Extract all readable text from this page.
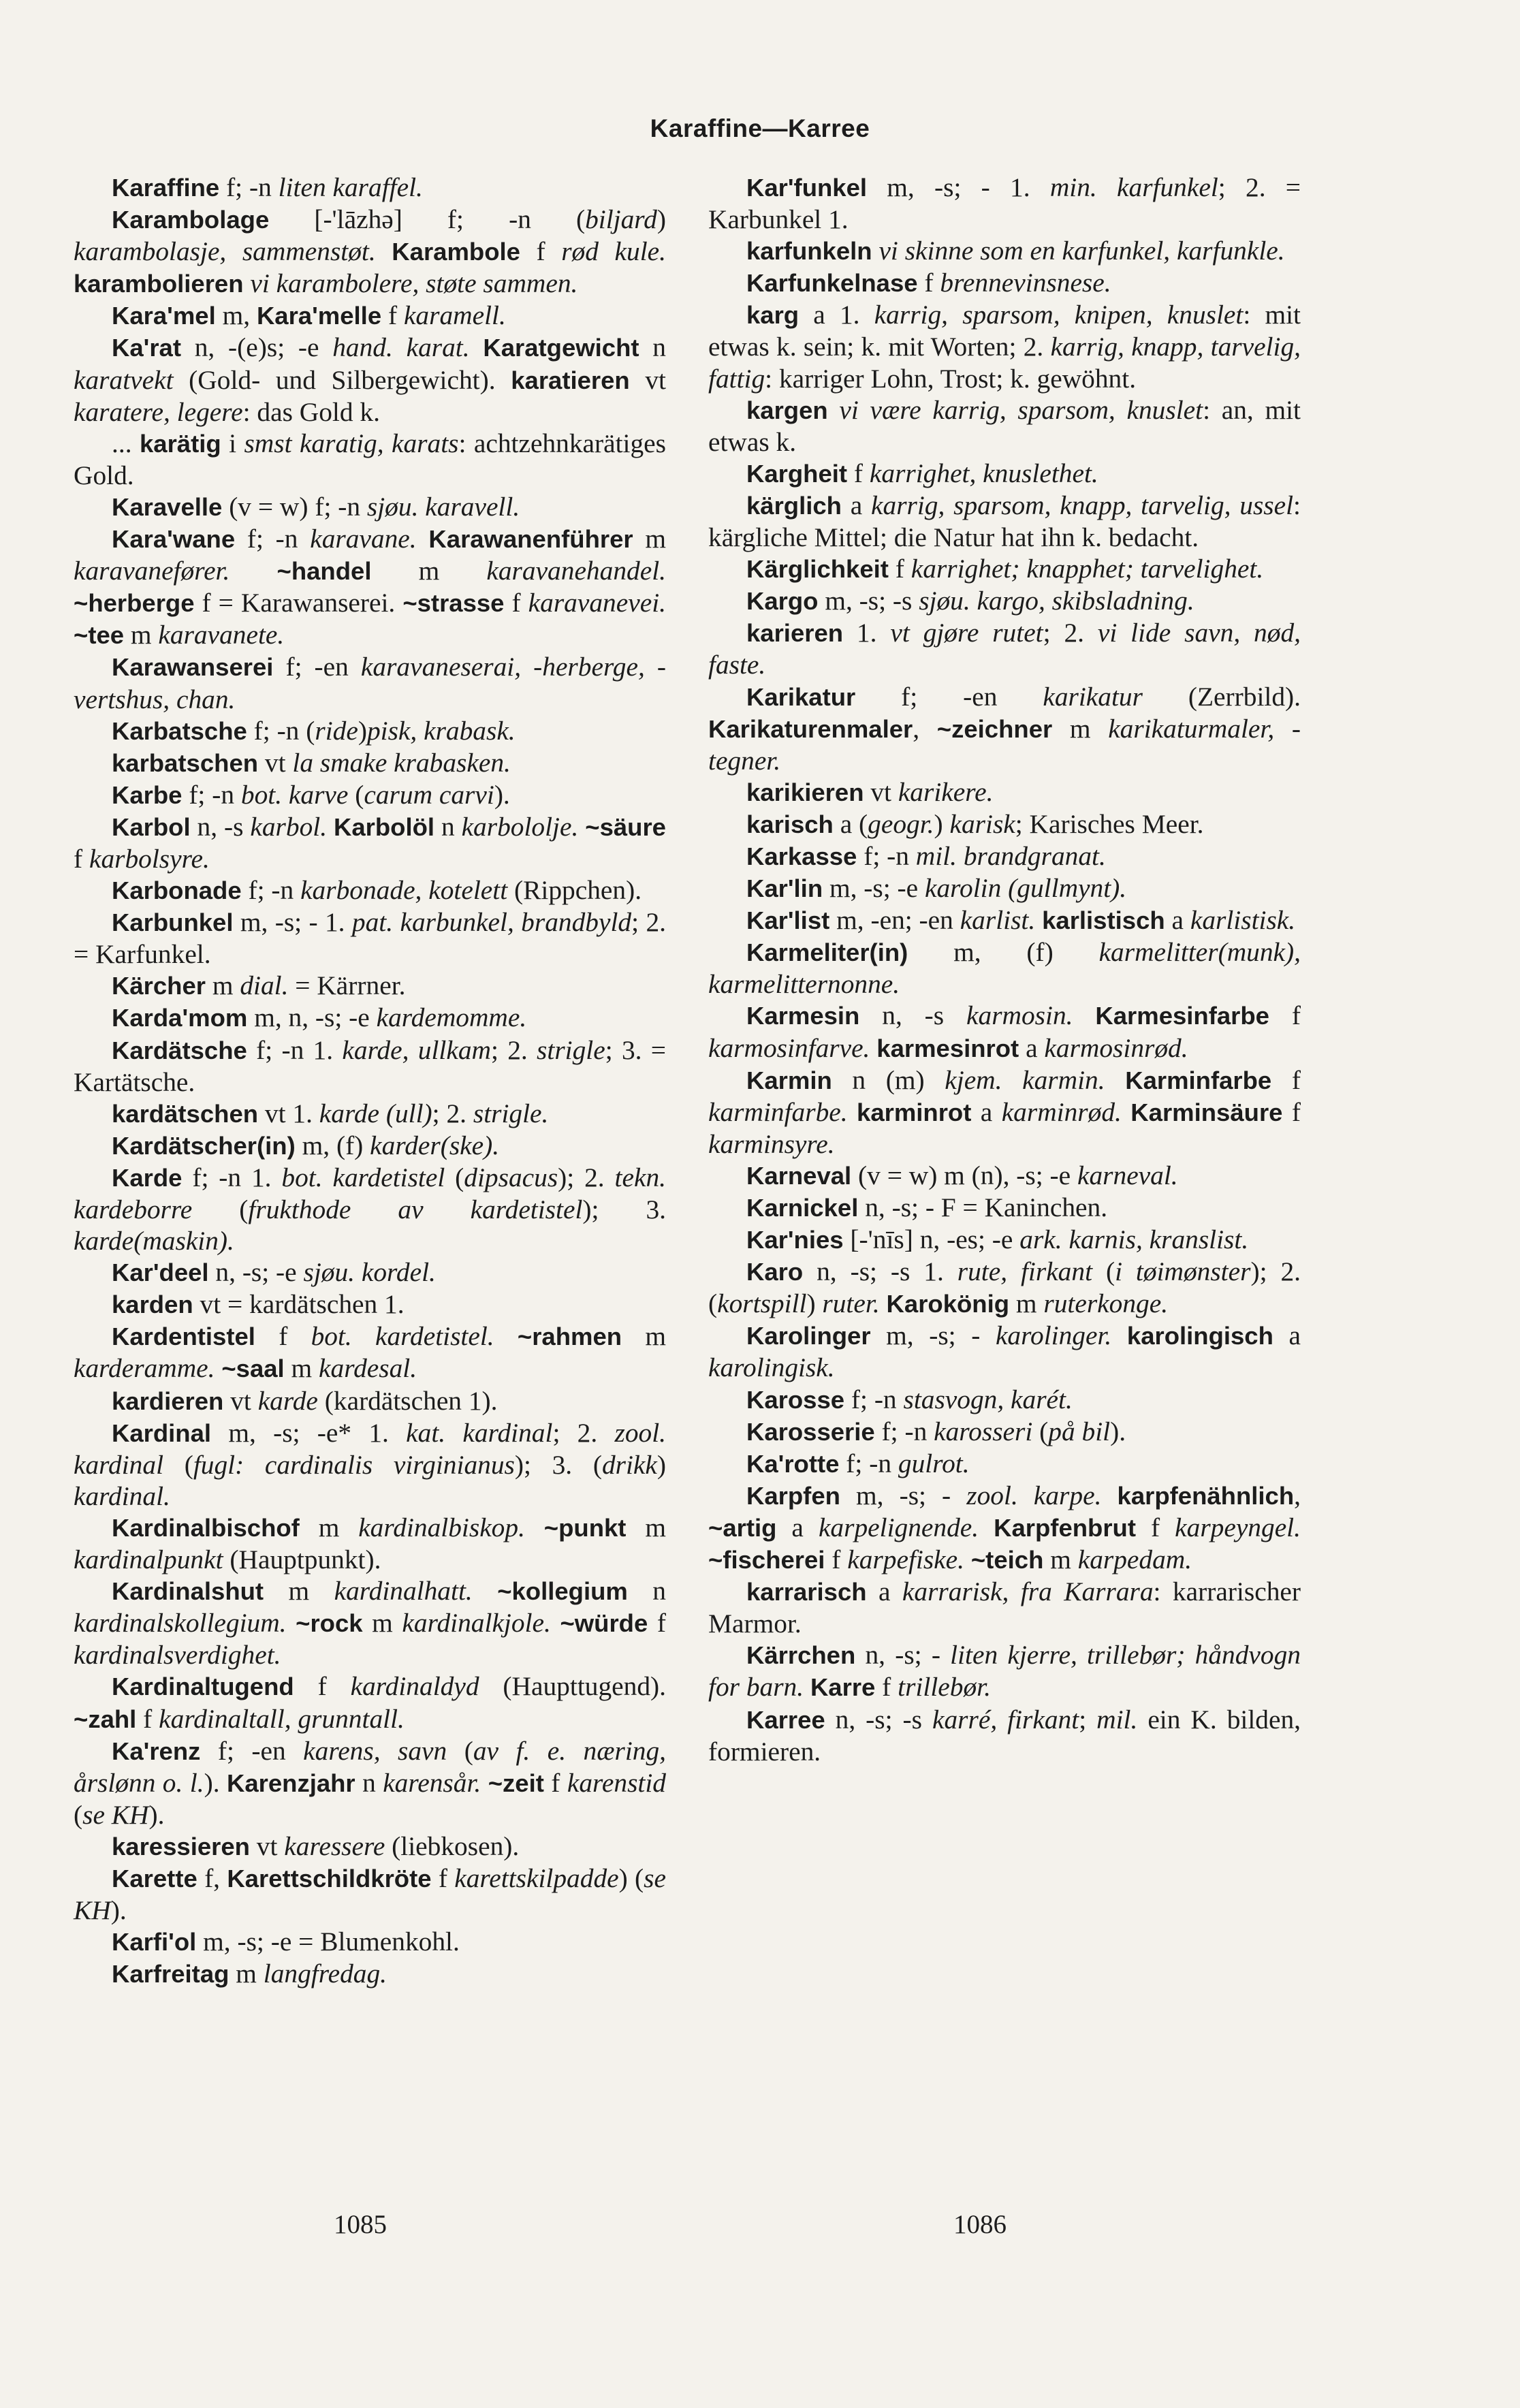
Karaffine—Karree
Karaffine f; -n liten karaffel.
Karambolage [-'lāzhə] f; -n (biljard) karambolasje, sammenstøt. Karambole f rød kule. karambolieren vi karambolere, støte sammen.
Kara'mel m, Kara'melle f karamell.
Ka'rat n, -(e)s; -e hand. karat. Karatgewicht n karatvekt (Gold- und Silbergewicht). karatieren vt karatere, legere: das Gold k.
... karätig i smst karatig, karats: achtzehnkarätiges Gold.
Karavelle (v = w) f; -n sjøu. karavell.
Kara'wane f; -n karavane. Karawanenführer m karavanefører. ~handel m karavanehandel. ~herberge f = Karawanserei. ~strasse f karavanevei. ~tee m karavanete.
Karawanserei f; -en karavaneserai, -herberge, -vertshus, chan.
Karbatsche f; -n (ride)pisk, krabask.
karbatschen vt la smake krabasken.
Karbe f; -n bot. karve (carum carvi).
Karbol n, -s karbol. Karbolöl n karbololje. ~säure f karbolsyre.
Karbonade f; -n karbonade, kotelett (Rippchen).
Karbunkel m, -s; - 1. pat. karbunkel, brandbyld; 2. = Karfunkel.
Kärcher m dial. = Kärrner.
Karda'mom m, n, -s; -e kardemomme.
Kardätsche f; -n 1. karde, ullkam; 2. strigle; 3. = Kartätsche.
kardätschen vt 1. karde (ull); 2. strigle.
Kardätscher(in) m, (f) karder(ske).
Karde f; -n 1. bot. kardetistel (dipsacus); 2. tekn. kardeborre (frukthode av kardetistel); 3. karde(maskin).
Kar'deel n, -s; -e sjøu. kordel.
karden vt = kardätschen 1.
Kardentistel f bot. kardetistel. ~rahmen m karderamme. ~saal m kardesal.
kardieren vt karde (kardätschen 1).
Kardinal m, -s; -e* 1. kat. kardinal; 2. zool. kardinal (fugl: cardinalis virginianus); 3. (drikk) kardinal.
Kardinalbischof m kardinalbiskop. ~punkt m kardinalpunkt (Hauptpunkt).
Kardinalshut m kardinalhatt. ~kollegium n kardinalskollegium. ~rock m kardinalkjole. ~würde f kardinalsverdighet.
Kardinaltugend f kardinaldyd (Haupttugend). ~zahl f kardinaltall, grunntall.
Ka'renz f; -en karens, savn (av f. e. næring, årslønn o. l.). Karenzjahr n karensår. ~zeit f karenstid (se KH).
karessieren vt karessere (liebkosen).
Karette f, Karettschildkröte f karettskilpadde) (se KH).
Karfi'ol m, -s; -e = Blumenkohl.
Karfreitag m langfredag.
Kar'funkel m, -s; - 1. min. karfunkel; 2. = Karbunkel 1.
karfunkeln vi skinne som en karfunkel, karfunkle.
Karfunkelnase f brennevinsnese.
karg a 1. karrig, sparsom, knipen, knuslet: mit etwas k. sein; k. mit Worten; 2. karrig, knapp, tarvelig, fattig: karriger Lohn, Trost; k. gewöhnt.
kargen vi være karrig, sparsom, knuslet: an, mit etwas k.
Kargheit f karrighet, knuslethet.
kärglich a karrig, sparsom, knapp, tarvelig, ussel: kärgliche Mittel; die Natur hat ihn k. bedacht.
Kärglichkeit f karrighet; knapphet; tarvelighet.
Kargo m, -s; -s sjøu. kargo, skibsladning.
karieren 1. vt gjøre rutet; 2. vi lide savn, nød, faste.
Karikatur f; -en karikatur (Zerrbild). Karikaturenmaler, ~zeichner m karikaturmaler, -tegner.
karikieren vt karikere.
karisch a (geogr.) karisk; Karisches Meer.
Karkasse f; -n mil. brandgranat.
Kar'lin m, -s; -e karolin (gullmynt).
Kar'list m, -en; -en karlist. karlistisch a karlistisk.
Karmeliter(in) m, (f) karmelitter(munk), karmelitternonne.
Karmesin n, -s karmosin. Karmesinfarbe f karmosinfarve. karmesinrot a karmosinrød.
Karmin n (m) kjem. karmin. Karminfarbe f karminfarbe. karminrot a karminrød. Karminsäure f karminsyre.
Karneval (v = w) m (n), -s; -e karneval.
Karnickel n, -s; - F = Kaninchen.
Kar'nies [-'nīs] n, -es; -e ark. karnis, kranslist.
Karo n, -s; -s 1. rute, firkant (i tøimønster); 2. (kortspill) ruter. Karokönig m ruterkonge.
Karolinger m, -s; - karolinger. karolingisch a karolingisk.
Karosse f; -n stasvogn, karét.
Karosserie f; -n karosseri (på bil).
Ka'rotte f; -n gulrot.
Karpfen m, -s; - zool. karpe. karpfenähnlich, ~artig a karpelignende. Karpfenbrut f karpeyngel. ~fischerei f karpefiske. ~teich m karpedam.
karrarisch a karrarisk, fra Karrara: karrarischer Marmor.
Kärrchen n, -s; - liten kjerre, trillebør; håndvogn for barn. Karre f trillebør.
Karree n, -s; -s karré, firkant; mil. ein K. bilden, formieren.
1085	1086
